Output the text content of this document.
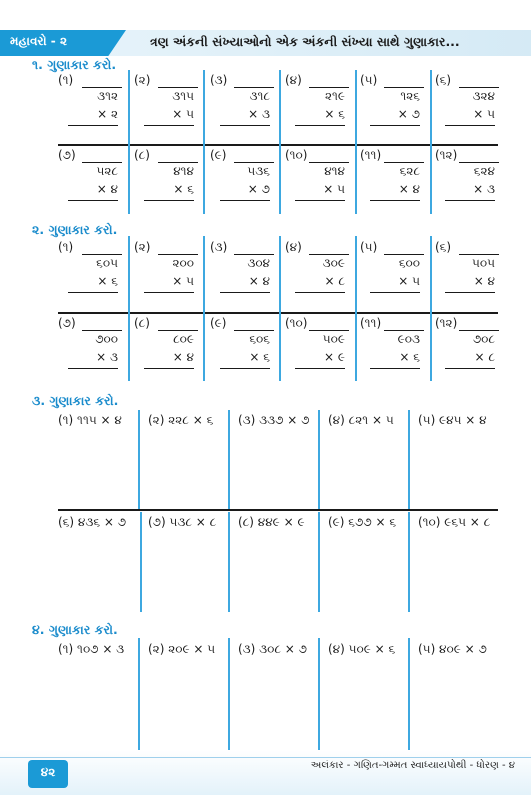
મહાવરો - ૨	ત્રણ અંકની સંખ્યાઓનો એક અંકની સંખ્યા સાથે ગુણાકાર...
૧. ગુણાકાર કરો.
(૧)
૩૧૨
× ૨
(૨)
૩૧૫
× ૫
(૩)
૩૧૮
× ૩
(૪)
૨૧૯
× ૬
(૫)
૧૨૬
× ૭
(૬)
૩૨૪
× ૫
(૭)
૫૨૮
× ૪
(૮)
૪૧૪
× ૬
(૯)
૫૩૬
× ૭
(૧૦)
૪૧૪
× ૫
(૧૧)
૬૨૮
× ૪
(૧૨)
૬૨૪
× ૩
૨. ગુણાકાર કરો.
(૧)
૬૦૫
× ૬
(૨)
૨૦૦
× ૫
(૩)
૩૦૪
× ૪
(૪)
૩૦૯
× ૮
(૫)
૬૦૦
× ૫
(૬)
૫૦૫
× ૪
(૭)
૭૦૦
× ૩
(૮)
૮૦૯
× ૪
(૯)
૬૦૬
× ૬
(૧૦)
૫૦૯
× ૯
(૧૧)
૯૦૩
× ૬
(૧૨)
૭૦૮
× ૮
૩. ગુણાકાર કરો.
(૧) ૧૧૫ × ૪ (૨) ૨૨૮ × ૬ (૩) ૩૩૭ × ૭ (૪) ૮૨૧ × ૫ (૫) ૯૪૫ × ૪
(૬) ૪૩૬ × ૭ (૭) ૫૩૮ × ૮ (૮) ૪૪૯ × ૯ (૯) ૬૭૭ × ૬ (૧૦) ૯૬૫ × ૮
૪. ગુણાકાર કરો.
(૧) ૧૦૭ × ૩ (૨) ૨૦૯ × ૫ (૩) ૩૦૮ × ૭ (૪) ૫૦૯ × ૬ (૫) ૪૦૯ × ૭
૪૨	અલંકાર - ગણિત-ગમ્મત સ્વાધ્યાયપોથી - ધોરણ - ૪
